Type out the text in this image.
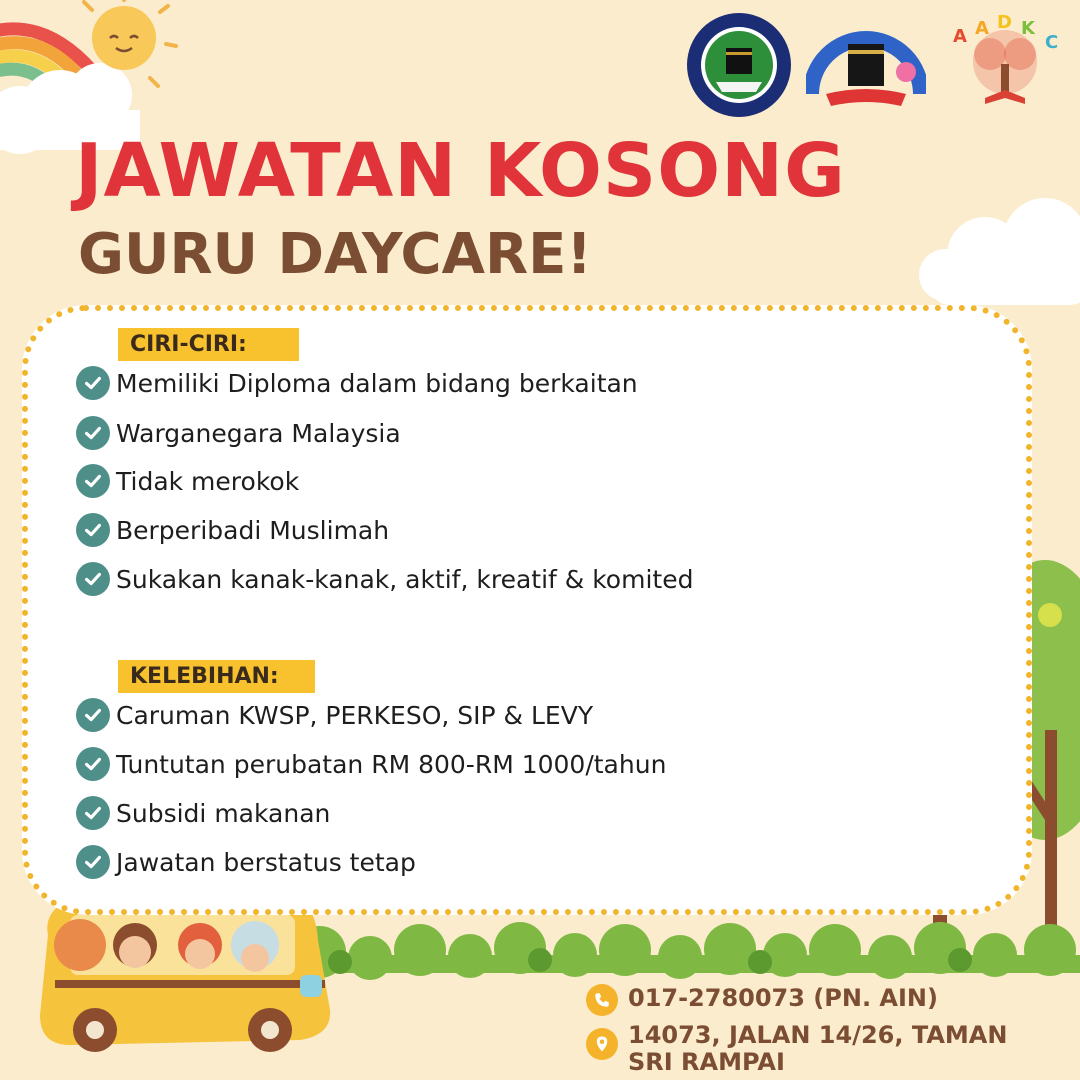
A A D K
C
JAWATAN KOSONG
GURU DAYCARE!
CIRI-CIRI:
Memiliki Diploma dalam bidang berkaitan
Warganegara Malaysia
Tidak merokok
Berperibadi Muslimah
Sukakan kanak-kanak, aktif, kreatif & komited
KELEBIHAN:
Caruman KWSP, PERKESO, SIP & LEVY
Tuntutan perubatan RM 800-RM 1000/tahun
Subsidi makanan
Jawatan berstatus tetap
017-2780073 (PN. AIN)
14073, JALAN 14/26, TAMAN
SRI RAMPAI
